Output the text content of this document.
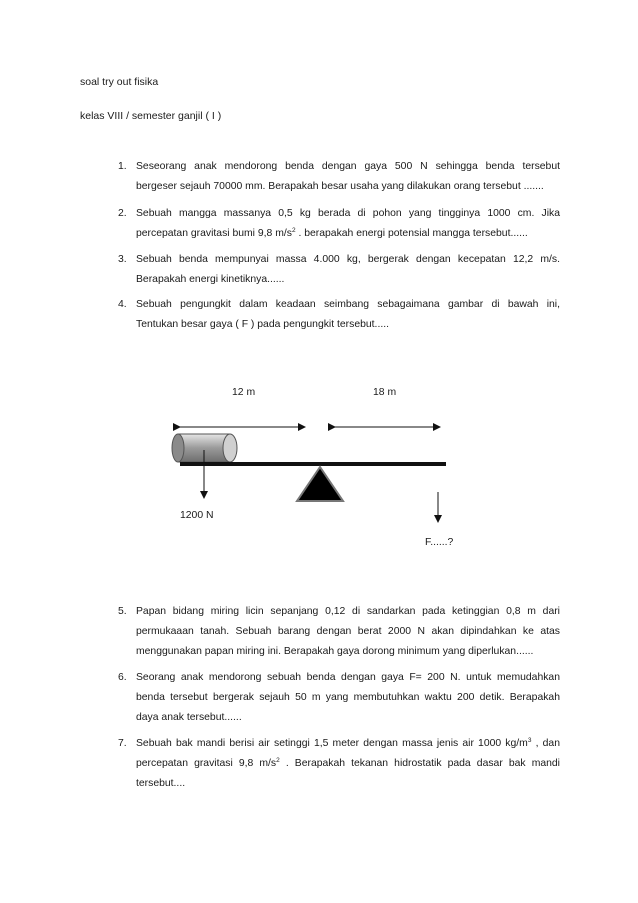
soal try out fisika
kelas VIII / semester ganjil ( I )
1. Seseorang anak mendorong benda dengan gaya 500 N sehingga benda tersebut
bergeser sejauh 70000 mm. Berapakah besar usaha yang dilakukan orang tersebut .......
2. Sebuah mangga massanya 0,5 kg berada di pohon yang tingginya 1000 cm. Jika
percepatan gravitasi bumi 9,8 $m/s^2$ . berapakah energi potensial mangga tersebut......
3. Sebuah benda mempunyai massa 4.000 kg, bergerak dengan kecepatan 12,2 m/s.
Berapakah energi kinetiknya......
4. Sebuah pengungkit dalam keadaan seimbang sebagaimana gambar di bawah ini,
Tentukan besar gaya ( F ) pada pengungkit tersebut.....
12 m	18 m
1200 N
F......?
5. Papan bidang miring licin sepanjang 0,12 di sandarkan pada ketinggian 0,8 m dari
permukaaan tanah. Sebuah barang dengan berat 2000 N akan dipindahkan ke atas
menggunakan papan miring ini. Berapakah gaya dorong minimum yang diperlukan......
6. Seorang anak mendorong sebuah benda dengan gaya F= 200 N. untuk memudahkan
benda tersebut bergerak sejauh 50 m yang membutuhkan waktu 200 detik. Berapakah
daya anak tersebut......
7. Sebuah bak mandi berisi air setinggi 1,5 meter dengan massa jenis air 1000 $kg/m^3$ , dan
percepatan gravitasi 9,8 $m/s^2$ . Berapakah tekanan hidrostatik pada dasar bak mandi
tersebut....
